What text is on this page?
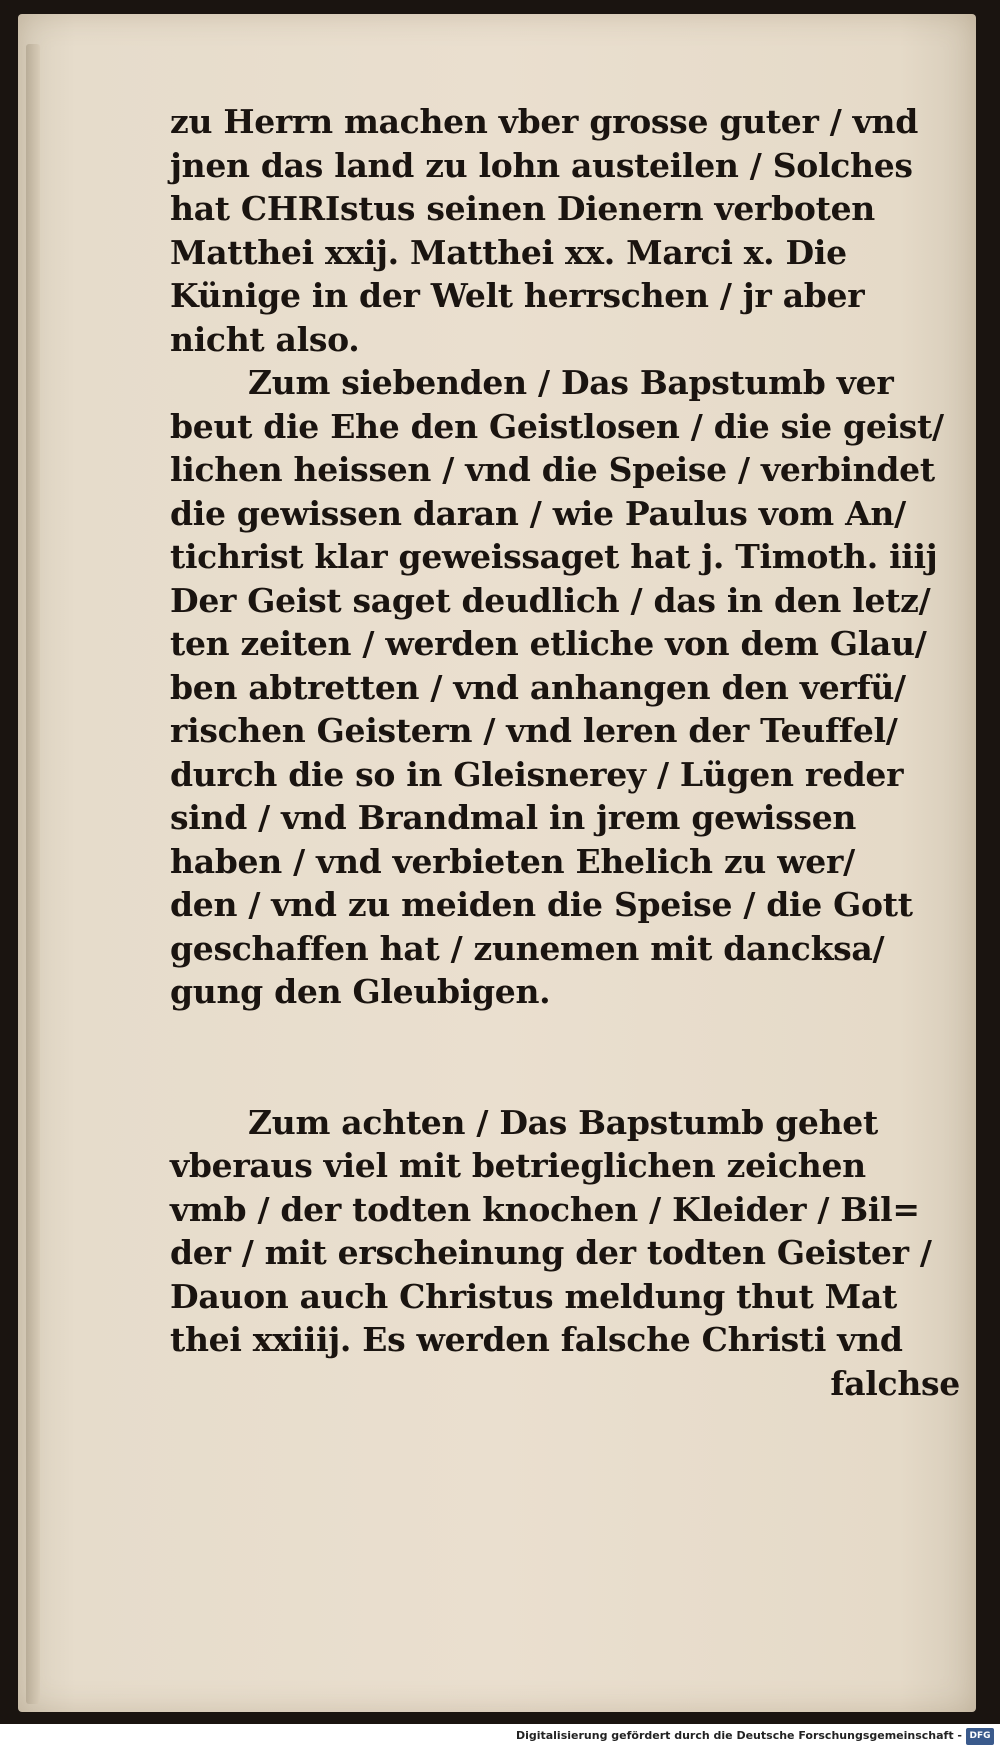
zu Herrn machen vber grosse guter / vnd
jnen das land zu lohn austeilen / Solches
hat CHRIstus seinen Dienern verboten
Matthei xxij. Matthei xx. Marci x. Die
Künige in der Welt herrschen / jr aber
nicht also.
Zum siebenden / Das Bapstumb ver
beut die Ehe den Geistlosen / die sie geist/
lichen heissen / vnd die Speise / verbindet
die gewissen daran / wie Paulus vom An/
tichrist klar geweissaget hat j. Timoth. iiij
Der Geist saget deudlich / das in den letz/
ten zeiten / werden etliche von dem Glau/
ben abtretten / vnd anhangen den verfü/
rischen Geistern / vnd leren der Teuffel/
durch die so in Gleisnerey / Lügen reder
sind / vnd Brandmal in jrem gewissen
haben / vnd verbieten Ehelich zu wer/
den / vnd zu meiden die Speise / die Gott
geschaffen hat / zunemen mit dancksa/
gung den Gleubigen.
Zum achten / Das Bapstumb gehet
vberaus viel mit betrieglichen zeichen
vmb / der todten knochen / Kleider / Bil=
der / mit erscheinung der todten Geister /
Dauon auch Christus meldung thut Mat
thei xxiiij. Es werden falsche Christi vnd
falchse
Digitalisierung gefördert durch die Deutsche Forschungsgemeinschaft - DFG
